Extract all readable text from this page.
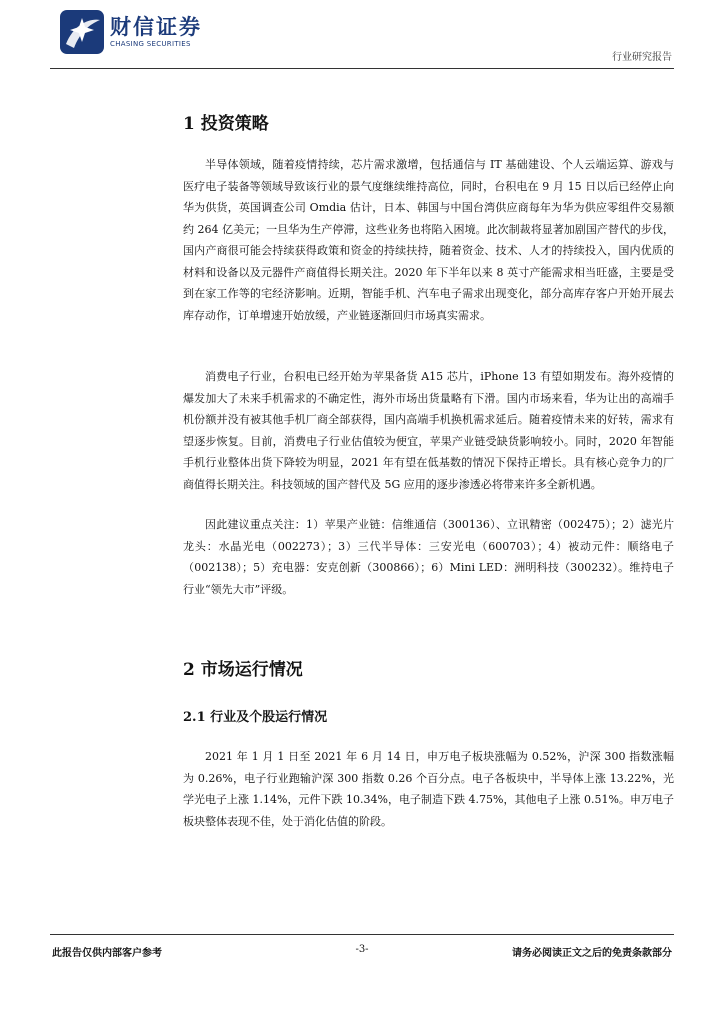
财信证券
CHASING SECURITIES
行业研究报告
1 投资策略

半导体领域，随着疫情持续，芯片需求激增，包括通信与 IT 基础建设、个人云端运算、游戏与医疗电子装备等领域导致该行业的景气度继续维持高位，同时，台积电在 9 月 15 日以后已经停止向华为供货，英国调查公司 Omdia 估计，日本、韩国与中国台湾供应商每年为华为供应零组件交易额约 264 亿美元；一旦华为生产停滞，这些业务也将陷入困境。此次制裁将显著加剧国产替代的步伐，国内产商很可能会持续获得政策和资金的持续扶持，随着资金、技术、人才的持续投入，国内优质的材料和设备以及元器件产商值得长期关注。2020 年下半年以来 8 英寸产能需求相当旺盛，主要是受到在家工作等的宅经济影响。近期，智能手机、汽车电子需求出现变化，部分高库存客户开始开展去库存动作，订单增速开始放缓，产业链逐渐回归市场真实需求。

消费电子行业，台积电已经开始为苹果备货 A15 芯片，iPhone 13 有望如期发布。海外疫情的爆发加大了未来手机需求的不确定性，海外市场出货量略有下滑。国内市场来看，华为让出的高端手机份额并没有被其他手机厂商全部获得，国内高端手机换机需求延后。随着疫情未来的好转，需求有望逐步恢复。目前，消费电子行业估值较为便宜，苹果产业链受缺货影响较小。同时，2020 年智能手机行业整体出货下降较为明显，2021 年有望在低基数的情况下保持正增长。具有核心竞争力的厂商值得长期关注。科技领域的国产替代及 5G 应用的逐步渗透必将带来许多全新机遇。

因此建议重点关注：1）苹果产业链：信维通信（300136）、立讯精密（002475）；2）滤光片龙头：水晶光电（002273）；3）三代半导体：三安光电（600703）；4）被动元件：顺络电子（002138）；5）充电器：安克创新（300866）；6）Mini LED：洲明科技（300232）。维持电子行业“领先大市”评级。

2 市场运行情况
2.1 行业及个股运行情况

2021 年 1 月 1 日至 2021 年 6 月 14 日，申万电子板块涨幅为 0.52%，沪深 300 指数涨幅为 0.26%，电子行业跑输沪深 300 指数 0.26 个百分点。电子各板块中，半导体上涨 13.22%，光学光电子上涨 1.14%，元件下跌 10.34%，电子制造下跌 4.75%，其他电子上涨 0.51%。申万电子板块整体表现不佳，处于消化估值的阶段。

此报告仅供内部客户参考	-3-	请务必阅读正文之后的免责条款部分
